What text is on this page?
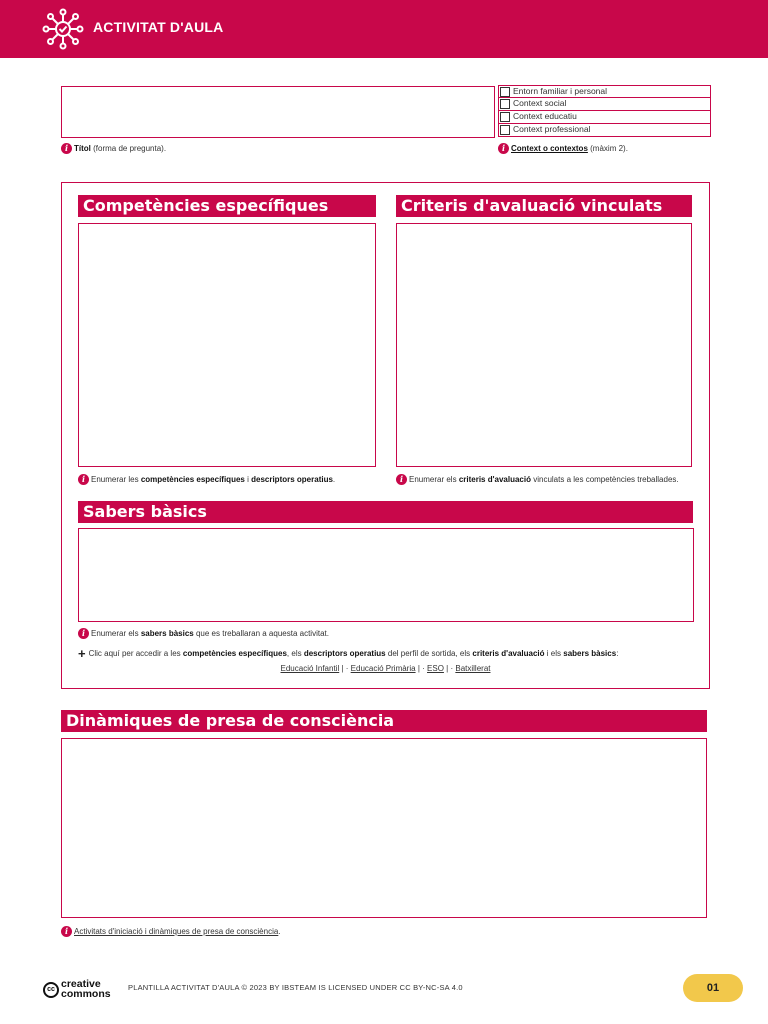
ACTIVITAT D'AULA
Entorn familiar i personal
Context social
Context educatiu
Context professional
i Títol (forma de pregunta).	i Context o contextos (màxim 2).
Competències específiques	Criteris d'avaluació vinculats
i Enumerar les competències específiques i descriptors operatius.	i Enumerar els criteris d'avaluació vinculats a les competències treballades.
Sabers bàsics
i Enumerar els sabers bàsics que es treballaran a aquesta activitat.
+ Clic aquí per accedir a les competències específiques, els descriptors operatius del perfil de sortida, els criteris d'avaluació i els sabers bàsics:
Educació Infantil | · Educació Primària | · ESO | · Batxillerat
Dinàmiques de presa de consciència
i Activitats d'iniciació i dinàmiques de presa de consciència.
cc creative
commons
PLANTILLA ACTIVITAT D'AULA © 2023 BY IBSTEAM IS LICENSED UNDER CC BY-NC-SA 4.0	01
